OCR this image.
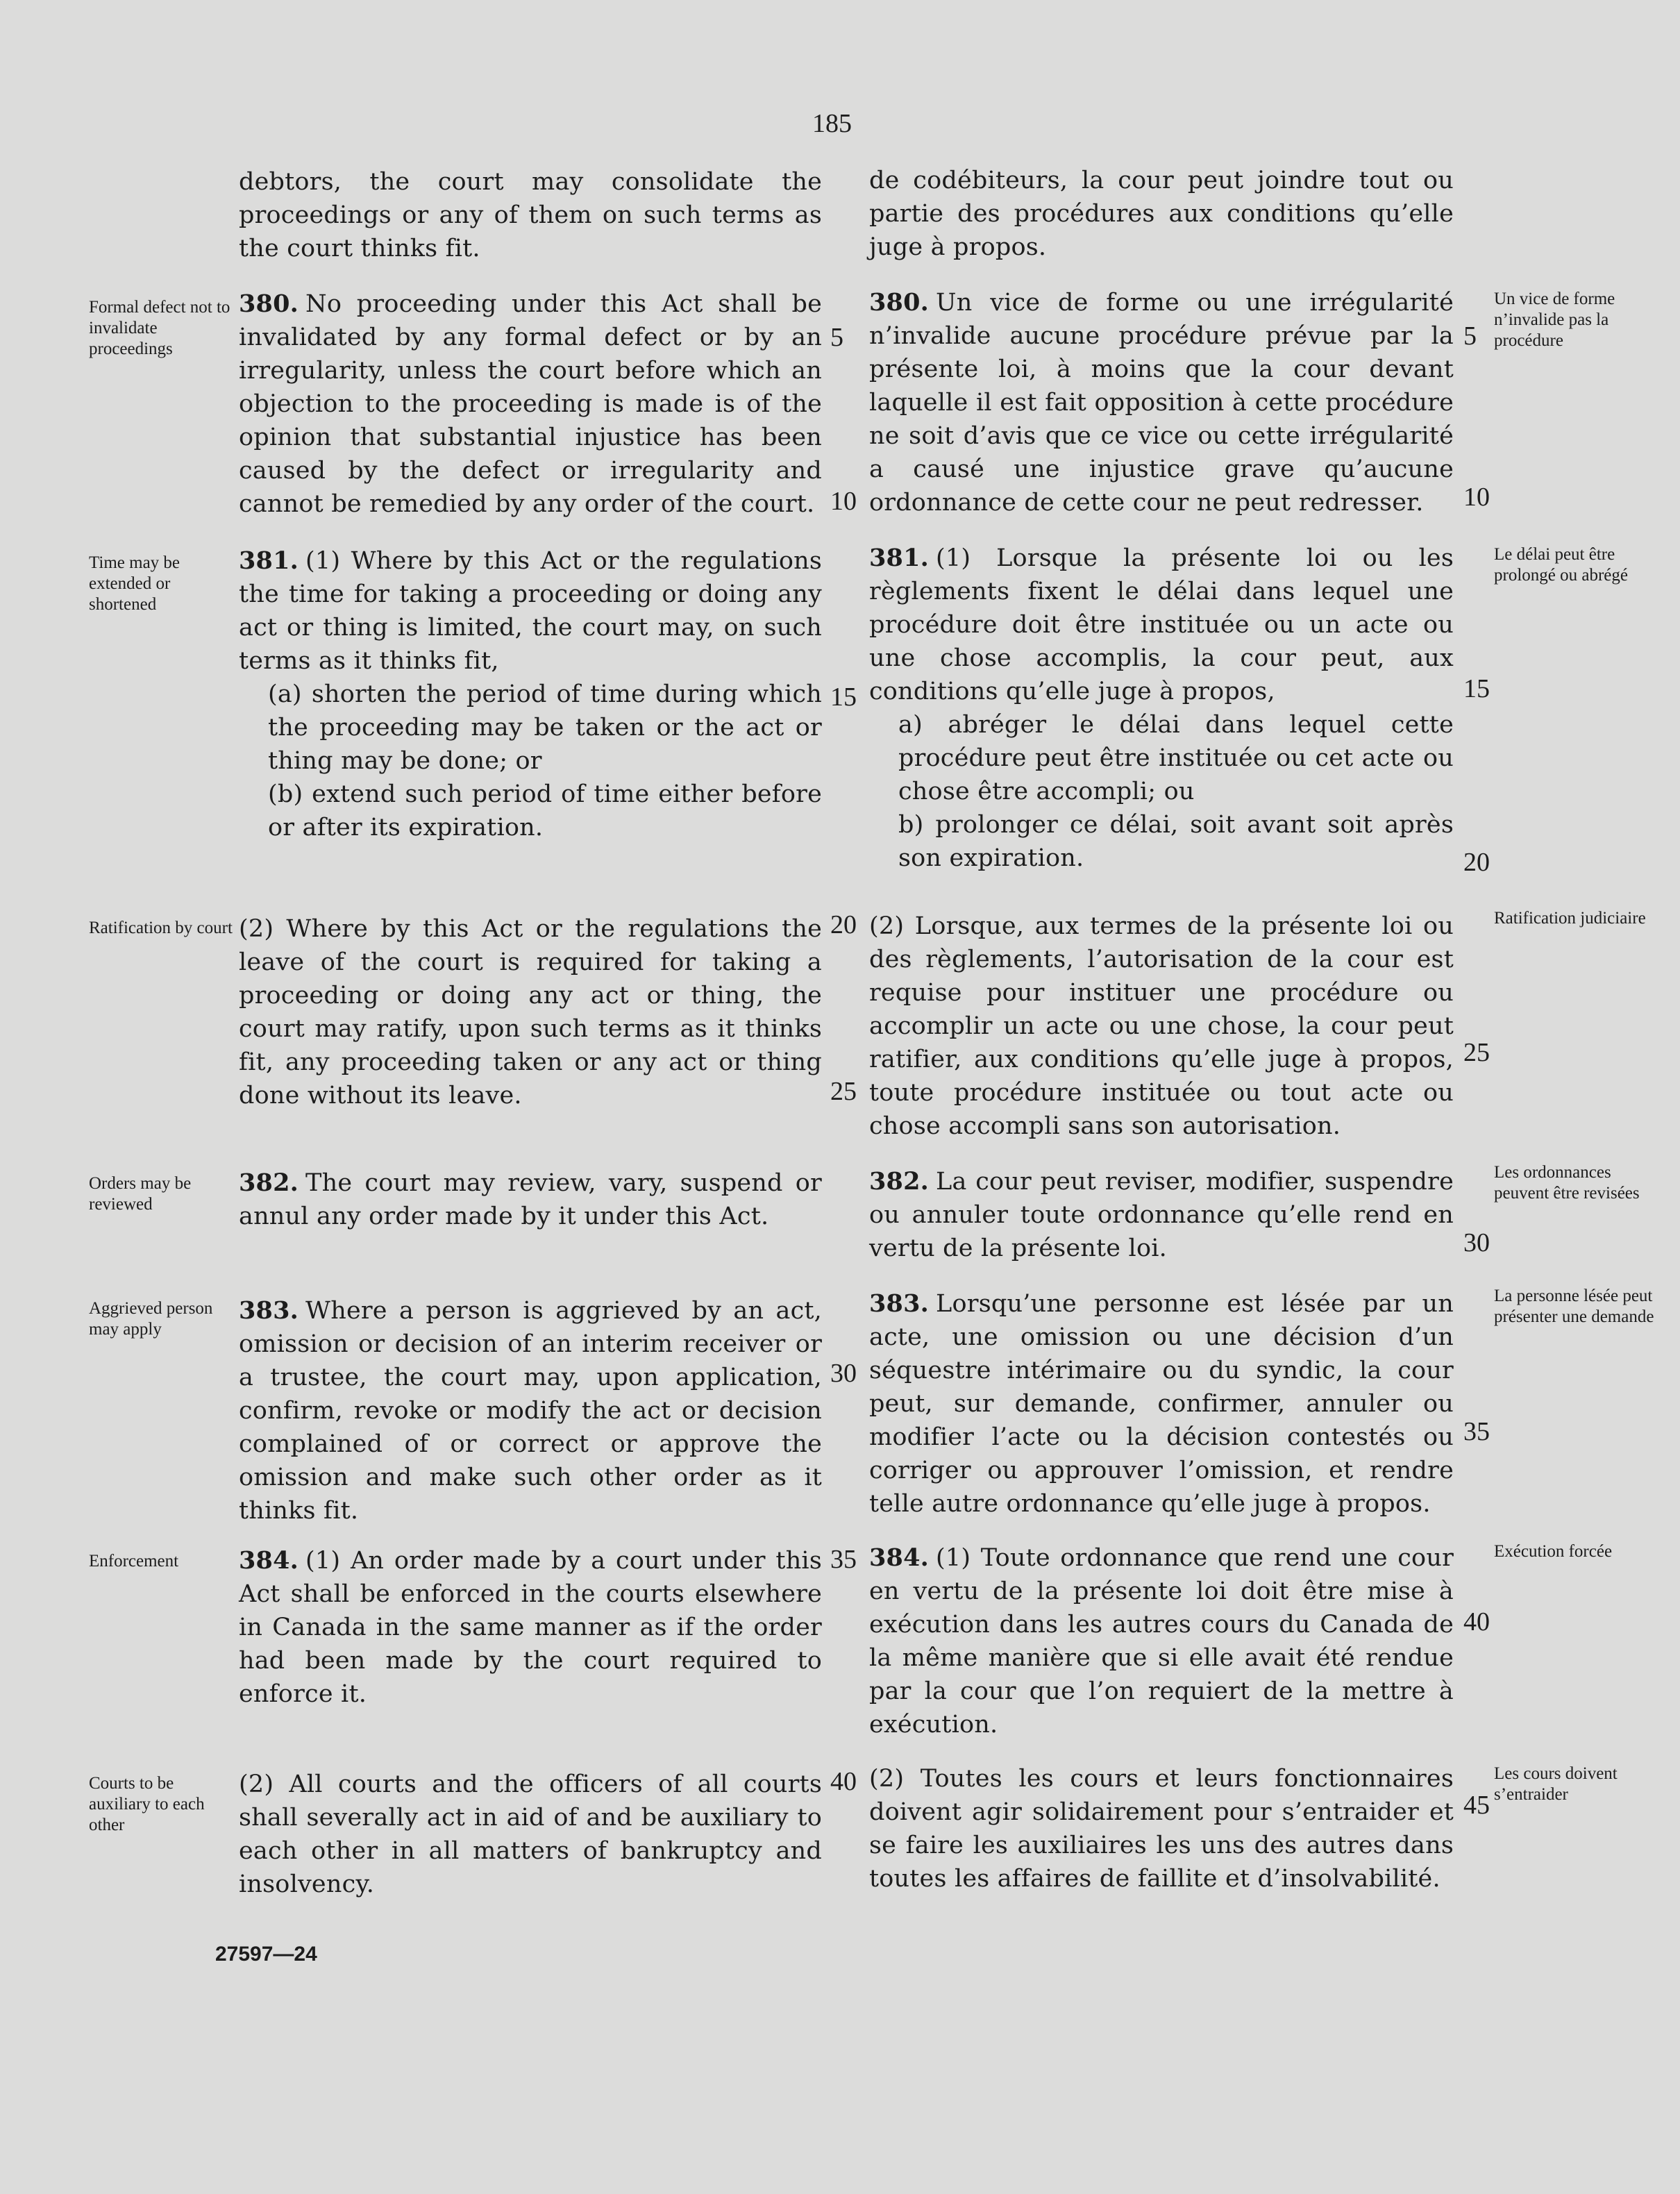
185

debtors, the court may consolidate the proceedings or any of them on such terms as the court thinks fit.

380. No proceeding under this Act shall be invalidated by any formal defect or by an irregularity, unless the court before which an objection to the proceeding is made is of the opinion that substantial injustice has been caused by the defect or irregularity and cannot be remedied by any order of the court.

381. (1) Where by this Act or the regulations the time for taking a proceeding or doing any act or thing is limited, the court may, on such terms as it thinks fit,

(a) shorten the period of time during which the proceeding may be taken or the act or thing may be done; or

(b) extend such period of time either before or after its expiration.

(2) Where by this Act or the regulations the leave of the court is required for taking a proceeding or doing any act or thing, the court may ratify, upon such terms as it thinks fit, any proceeding taken or any act or thing done without its leave.

382. The court may review, vary, suspend or annul any order made by it under this Act.

383. Where a person is aggrieved by an act, omission or decision of an interim receiver or a trustee, the court may, upon application, confirm, revoke or modify the act or decision complained of or correct or approve the omission and make such other order as it thinks fit.

384. (1) An order made by a court under this Act shall be enforced in the courts elsewhere in Canada in the same manner as if the order had been made by the court required to enforce it.

(2) All courts and the officers of all courts shall severally act in aid of and be auxiliary to each other in all matters of bankruptcy and insolvency.

de codébiteurs, la cour peut joindre tout ou partie des procédures aux conditions qu’elle juge à propos.

380. Un vice de forme ou une irrégularité n’invalide aucune procédure prévue par la présente loi, à moins que la cour devant laquelle il est fait opposition à cette procédure ne soit d’avis que ce vice ou cette irrégularité a causé une injustice grave qu’aucune ordonnance de cette cour ne peut redresser.

381. (1) Lorsque la présente loi ou les règlements fixent le délai dans lequel une procédure doit être instituée ou un acte ou une chose accomplis, la cour peut, aux conditions qu’elle juge à propos,

a) abréger le délai dans lequel cette procédure peut être instituée ou cet acte ou chose être accompli; ou

b) prolonger ce délai, soit avant soit après son expiration.

(2) Lorsque, aux termes de la présente loi ou des règlements, l’autorisation de la cour est requise pour instituer une procédure ou accomplir un acte ou une chose, la cour peut ratifier, aux conditions qu’elle juge à propos, toute procédure instituée ou tout acte ou chose accompli sans son autorisation.

382. La cour peut reviser, modifier, suspendre ou annuler toute ordonnance qu’elle rend en vertu de la présente loi.

383. Lorsqu’une personne est lésée par un acte, une omission ou une décision d’un séquestre intérimaire ou du syndic, la cour peut, sur demande, confirmer, annuler ou modifier l’acte ou la décision contestés ou corriger ou approuver l’omission, et rendre telle autre ordonnance qu’elle juge à propos.

384. (1) Toute ordonnance que rend une cour en vertu de la présente loi doit être mise à exécution dans les autres cours du Canada de la même manière que si elle avait été rendue par la cour que l’on requiert de la mettre à exécution.

(2) Toutes les cours et leurs fonctionnaires doivent agir solidairement pour s’entraider et se faire les auxiliaires les uns des autres dans toutes les affaires de faillite et d’insolvabilité.

Formal defect not to invalidate proceedings
Time may be extended or shortened
Ratification by court
Orders may be reviewed
Aggrieved person may apply
Enforcement
Courts to be auxiliary to each other
Un vice de forme n’invalide pas la procédure
Le délai peut être prolongé ou abrégé
Ratification judiciaire
Les ordonnances peuvent être revisées
La personne lésée peut présenter une demande
Exécution forcée
Les cours doivent s’entraider
5
10
15
20
25
30
35
40
5
10
15
20
25
30
35
40
45
27597—24
